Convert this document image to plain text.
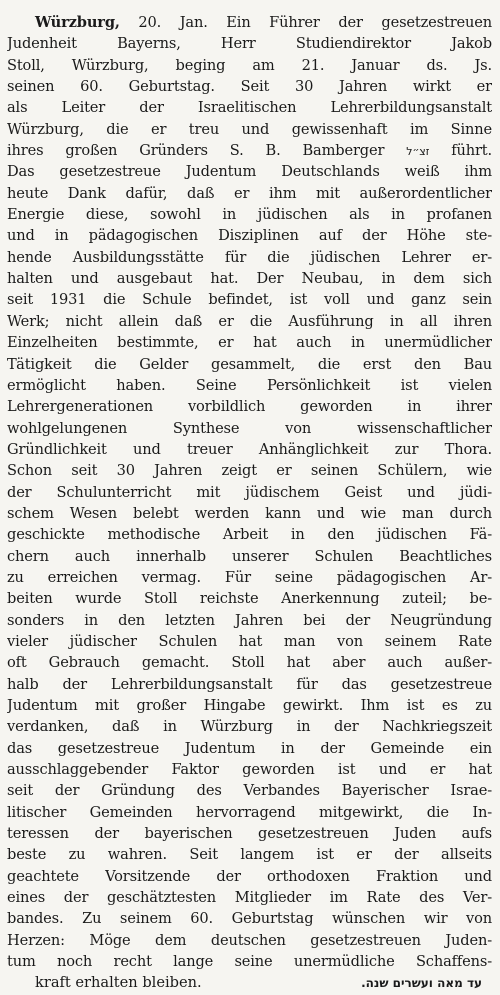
Würzburg, 20. Jan. Ein Führer der gesetzestreuen
Judenheit Bayerns, Herr Studiendirektor Jakob
Stoll, Würzburg, beging am 21. Januar ds. Js.
seinen 60. Geburtstag. Seit 30 Jahren wirkt er
als Leiter der Israelitischen Lehrerbildungsanstalt
Würzburg, die er treu und gewissenhaft im Sinne
ihres großen Gründers S. B. Bamberger זצ״ל führt.
Das gesetzestreue Judentum Deutschlands weiß ihm
heute Dank dafür, daß er ihm mit außerordentlicher
Energie diese, sowohl in jüdischen als in profanen
und in pädagogischen Disziplinen auf der Höhe ste-
hende Ausbildungsstätte für die jüdischen Lehrer er-
halten und ausgebaut hat. Der Neubau, in dem sich
seit 1931 die Schule befindet, ist voll und ganz sein
Werk; nicht allein daß er die Ausführung in all ihren
Einzelheiten bestimmte, er hat auch in unermüdlicher
Tätigkeit die Gelder gesammelt, die erst den Bau
ermöglicht haben. Seine Persönlichkeit ist vielen
Lehrergenerationen vorbildlich geworden in ihrer
wohlgelungenen Synthese von wissenschaftlicher
Gründlichkeit und treuer Anhänglichkeit zur Thora.
Schon seit 30 Jahren zeigt er seinen Schülern, wie
der Schulunterricht mit jüdischem Geist und jüdi-
schem Wesen belebt werden kann und wie man durch
geschickte methodische Arbeit in den jüdischen Fä-
chern auch innerhalb unserer Schulen Beachtliches
zu erreichen vermag. Für seine pädagogischen Ar-
beiten wurde Stoll reichste Anerkennung zuteil; be-
sonders in den letzten Jahren bei der Neugründung
vieler jüdischer Schulen hat man von seinem Rate
oft Gebrauch gemacht. Stoll hat aber auch außer-
halb der Lehrerbildungsanstalt für das gesetzestreue
Judentum mit großer Hingabe gewirkt. Ihm ist es zu
verdanken, daß in Würzburg in der Nachkriegszeit
das gesetzestreue Judentum in der Gemeinde ein
ausschlaggebender Faktor geworden ist und er hat
seit der Gründung des Verbandes Bayerischer Israe-
litischer Gemeinden hervorragend mitgewirkt, die In-
teressen der bayerischen gesetzestreuen Juden aufs
beste zu wahren. Seit langem ist er der allseits
geachtete Vorsitzende der orthodoxen Fraktion und
eines der geschätztesten Mitglieder im Rate des Ver-
bandes. Zu seinem 60. Geburtstag wünschen wir von
Herzen: Möge dem deutschen gesetzestreuen Juden-
tum noch recht lange seine unermüdliche Schaffens-
kraft erhalten bleiben.	עד מאה ועשרים שנה.
